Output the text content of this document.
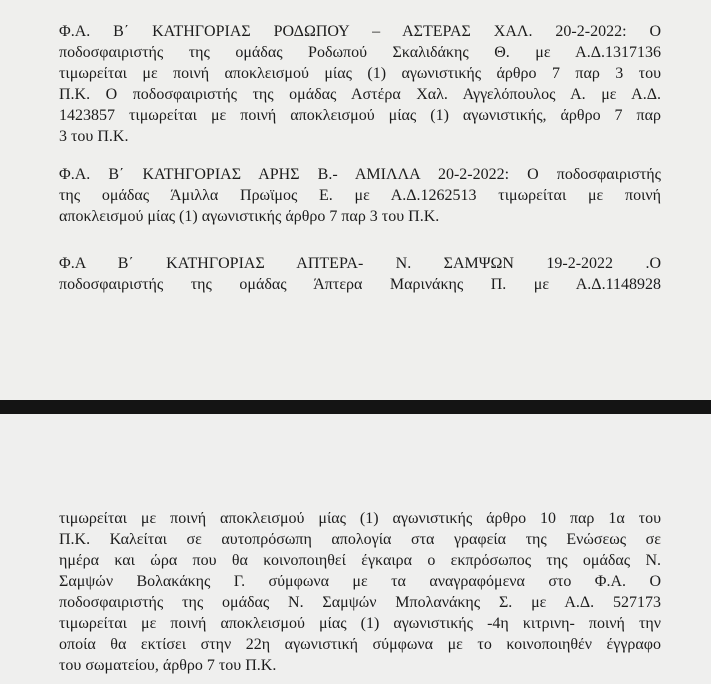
Φ.Α. Β΄ ΚΑΤΗΓΟΡΙΑΣ ΡΟΔΩΠΟΥ – ΑΣΤΕΡΑΣ ΧΑΛ. 20-2-2022: Ο
ποδοσφαιριστής της ομάδας Ροδωπού Σκαλιδάκης Θ. με Α.Δ.1317136
τιμωρείται με ποινή αποκλεισμού μίας (1) αγωνιστικής άρθρο 7 παρ 3 του
Π.Κ. Ο ποδοσφαιριστής της ομάδας Αστέρα Χαλ. Αγγελόπουλος Α. με Α.Δ.
1423857 τιμωρείται με ποινή αποκλεισμού μίας (1) αγωνιστικής, άρθρο 7 παρ
3 του Π.Κ.

Φ.Α. Β΄ ΚΑΤΗΓΟΡΙΑΣ ΑΡΗΣ Β.- ΑΜΙΛΛΑ 20-2-2022: Ο ποδοσφαιριστής
της ομάδας Άμιλλα Πρωϊμος Ε. με Α.Δ.1262513 τιμωρείται με ποινή
αποκλεισμού μίας (1) αγωνιστικής άρθρο 7 παρ 3 του Π.Κ.

Φ.Α Β΄ ΚΑΤΗΓΟΡΙΑΣ ΑΠΤΕΡΑ- Ν. ΣΑΜΨΩΝ 19-2-2022 .Ο
ποδοσφαιριστής της ομάδας Άπτερα Μαρινάκης Π. με Α.Δ.1148928

τιμωρείται με ποινή αποκλεισμού μίας (1) αγωνιστικής άρθρο 10 παρ 1α του
Π.Κ. Καλείται σε αυτοπρόσωπη απολογία στα γραφεία της Ενώσεως σε
ημέρα και ώρα που θα κοινοποιηθεί έγκαιρα ο εκπρόσωπος της ομάδας Ν.
Σαμψών Βολακάκης Γ. σύμφωνα με τα αναγραφόμενα στο Φ.Α. Ο
ποδοσφαιριστής της ομάδας Ν. Σαμψών Μπολανάκης Σ. με Α.Δ. 527173
τιμωρείται με ποινή αποκλεισμού μίας (1) αγωνιστικής -4η κιτρινη- ποινή την
οποία θα εκτίσει στην 22η αγωνιστική σύμφωνα με το κοινοποιηθέν έγγραφο
του σωματείου, άρθρο 7 του Π.Κ.
